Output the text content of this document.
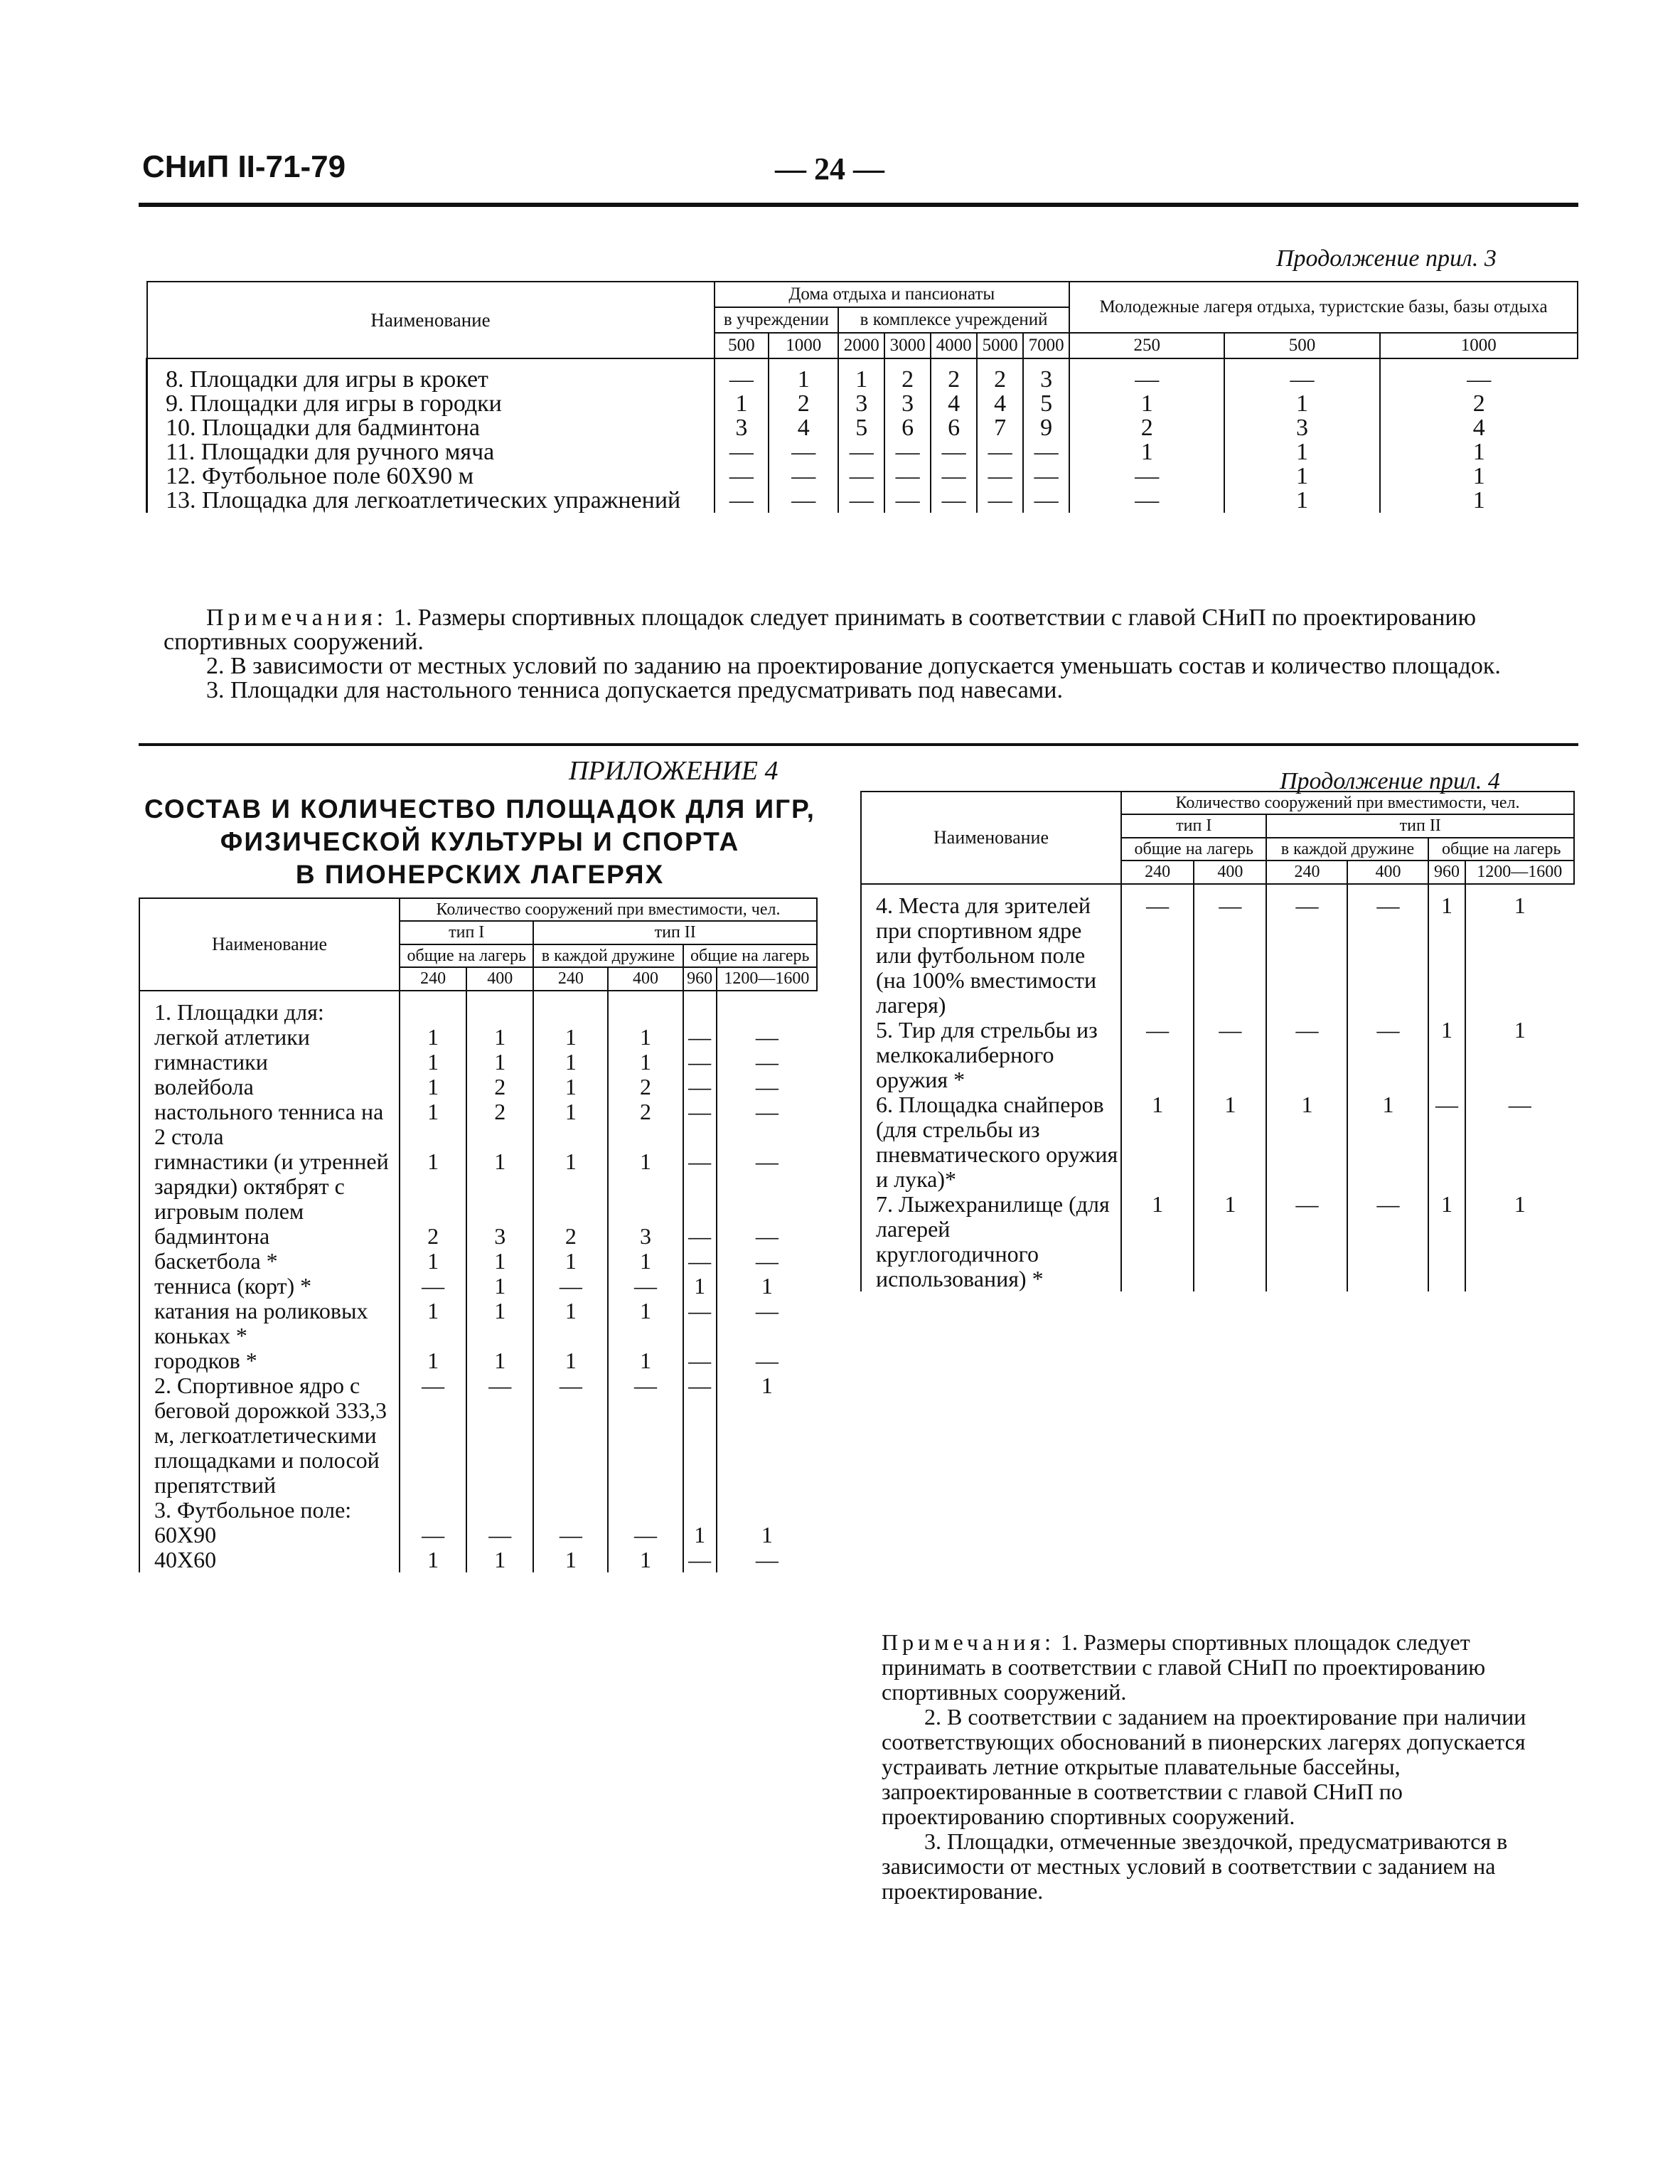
СНиП II-71-79	— 24 —
Продолжение прил. 3
Наименование	Дома отдыха и пансионаты							Молодежные лагеря отдыха, туристские базы, базы отдыха		
	в учреждении		в комплексе учреждений							
	500	1000	2000	3000	4000	5000	7000	250	500	1000
8. Площадки для игры в крокет	—	1	1	2	2	2	3	—	—	—
9. Площадки для игры в городки	1	2	3	3	4	4	5	1	1	2
10. Площадки для бадминтона	3	4	5	6	6	7	9	2	3	4
11. Площадки для ручного мяча	—	—	—	—	—	—	—	1	1	1
12. Футбольное поле 60X90 м	—	—	—	—	—	—	—	—	1	1
13. Площадка для легкоатлетических упражнений	—	—	—	—	—	—	—	—	1	1

Примечания: 1. Размеры спортивных площадок следует принимать в соответствии с главой СНиП по проектированию спортивных сооружений.

2. В зависимости от местных условий по заданию на проектирование допускается уменьшать состав и количество площадок.

3. Площадки для настольного тенниса допускается предусматривать под навесами.

ПРИЛОЖЕНИЕ 4
СОСТАВ И КОЛИЧЕСТВО ПЛОЩАДОК ДЛЯ ИГР,
ФИЗИЧЕСКОЙ КУЛЬТУРЫ И СПОРТА
В ПИОНЕРСКИХ ЛАГЕРЯХ
Продолжение прил. 4
Наименование	Количество сооружений при вместимости, чел.					
	тип I		тип II			
	общие на лагерь		в каждой дружине		общие на лагерь	
	240	400	240	400	960	1200—1600
1. Площадки для:						
легкой атлетики	1	1	1	1	—	—
гимнастики	1	1	1	1	—	—
волейбола	1	2	1	2	—	—
настольного тенниса на 2 стола	1	2	1	2	—	—
гимнастики (и утренней зарядки) октябрят с игровым полем	1	1	1	1	—	—
бадминтона	2	3	2	3	—	—
баскетбола *	1	1	1	1	—	—
тенниса (корт) *	—	1	—	—	1	1
катания на роликовых коньках *	1	1	1	1	—	—
городков *	1	1	1	1	—	—
2. Спортивное ядро с беговой дорожкой 333,3 м, легкоатлетическими площадками и полосой препятствий	—	—	—	—	—	1
3. Футбольное поле:						
60X90	—	—	—	—	1	1
40X60	1	1	1	1	—	—
Наименование	Количество сооружений при вместимости, чел.					
	тип I		тип II			
	общие на лагерь		в каждой дружине		общие на лагерь	
	240	400	240	400	960	1200—1600
4. Места для зрителей при спортивном ядре или футбольном поле (на 100% вместимости лагеря)	—	—	—	—	1	1
5. Тир для стрельбы из мелкокалиберного оружия *	—	—	—	—	1	1
6. Площадка снайперов (для стрельбы из пневматического оружия и лука)*	1	1	1	1	—	—
7. Лыжехранилище (для лагерей круглогодичного использования) *	1	1	—	—	1	1

Примечания: 1. Размеры спортивных площадок следует принимать в соответствии с главой СНиП по проектированию спортивных сооружений.

2. В соответствии с заданием на проектирование при наличии соответствующих обоснований в пионерских лагерях допускается устраивать летние открытые плавательные бассейны, запроектированные в соответствии с главой СНиП по проектированию спортивных сооружений.

3. Площадки, отмеченные звездочкой, предусматриваются в зависимости от местных условий в соответствии с заданием на проектирование.
